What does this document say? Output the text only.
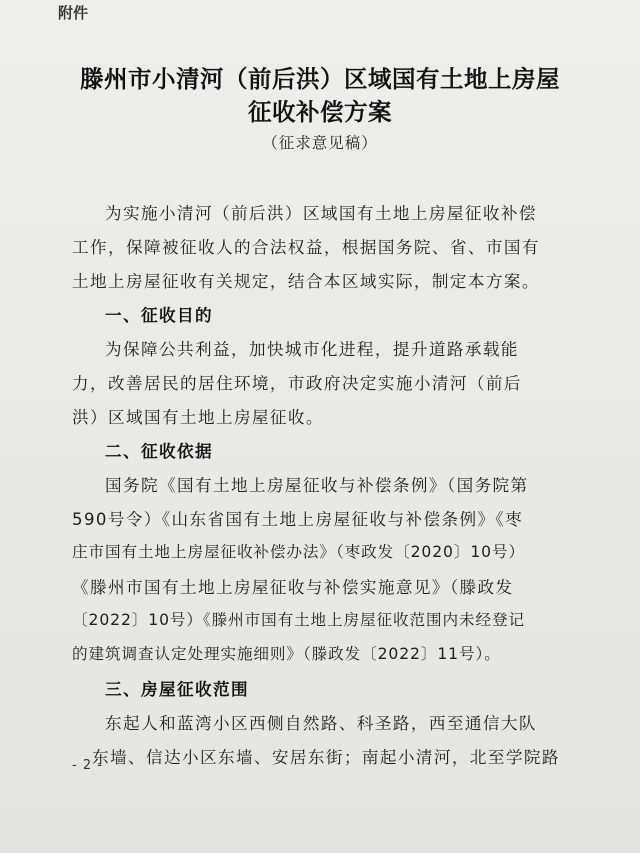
附件
滕州市小清河（前后洪）区域国有土地上房屋
征收补偿方案
（征求意见稿）
为实施小清河（前后洪）区域国有土地上房屋征收补偿
工作，保障被征收人的合法权益，根据国务院、省、市国有
土地上房屋征收有关规定，结合本区域实际，制定本方案。
一、征收目的
为保障公共利益，加快城市化进程，提升道路承载能
力，改善居民的居住环境，市政府决定实施小清河（前后
洪）区域国有土地上房屋征收。
二、征收依据
国务院《国有土地上房屋征收与补偿条例》（国务院第
590号令）《山东省国有土地上房屋征收与补偿条例》《枣
庄市国有土地上房屋征收补偿办法》（枣政发〔2020〕10号）
《滕州市国有土地上房屋征收与补偿实施意见》（滕政发
〔2022〕10号）《滕州市国有土地上房屋征收范围内未经登记
的建筑调查认定处理实施细则》（滕政发〔2022〕11号）。
三、房屋征收范围
东起人和蓝湾小区西侧自然路、科圣路，西至通信大队
东墙、信达小区东墙、安居东街；南起小清河，北至学院路
- 2 -
